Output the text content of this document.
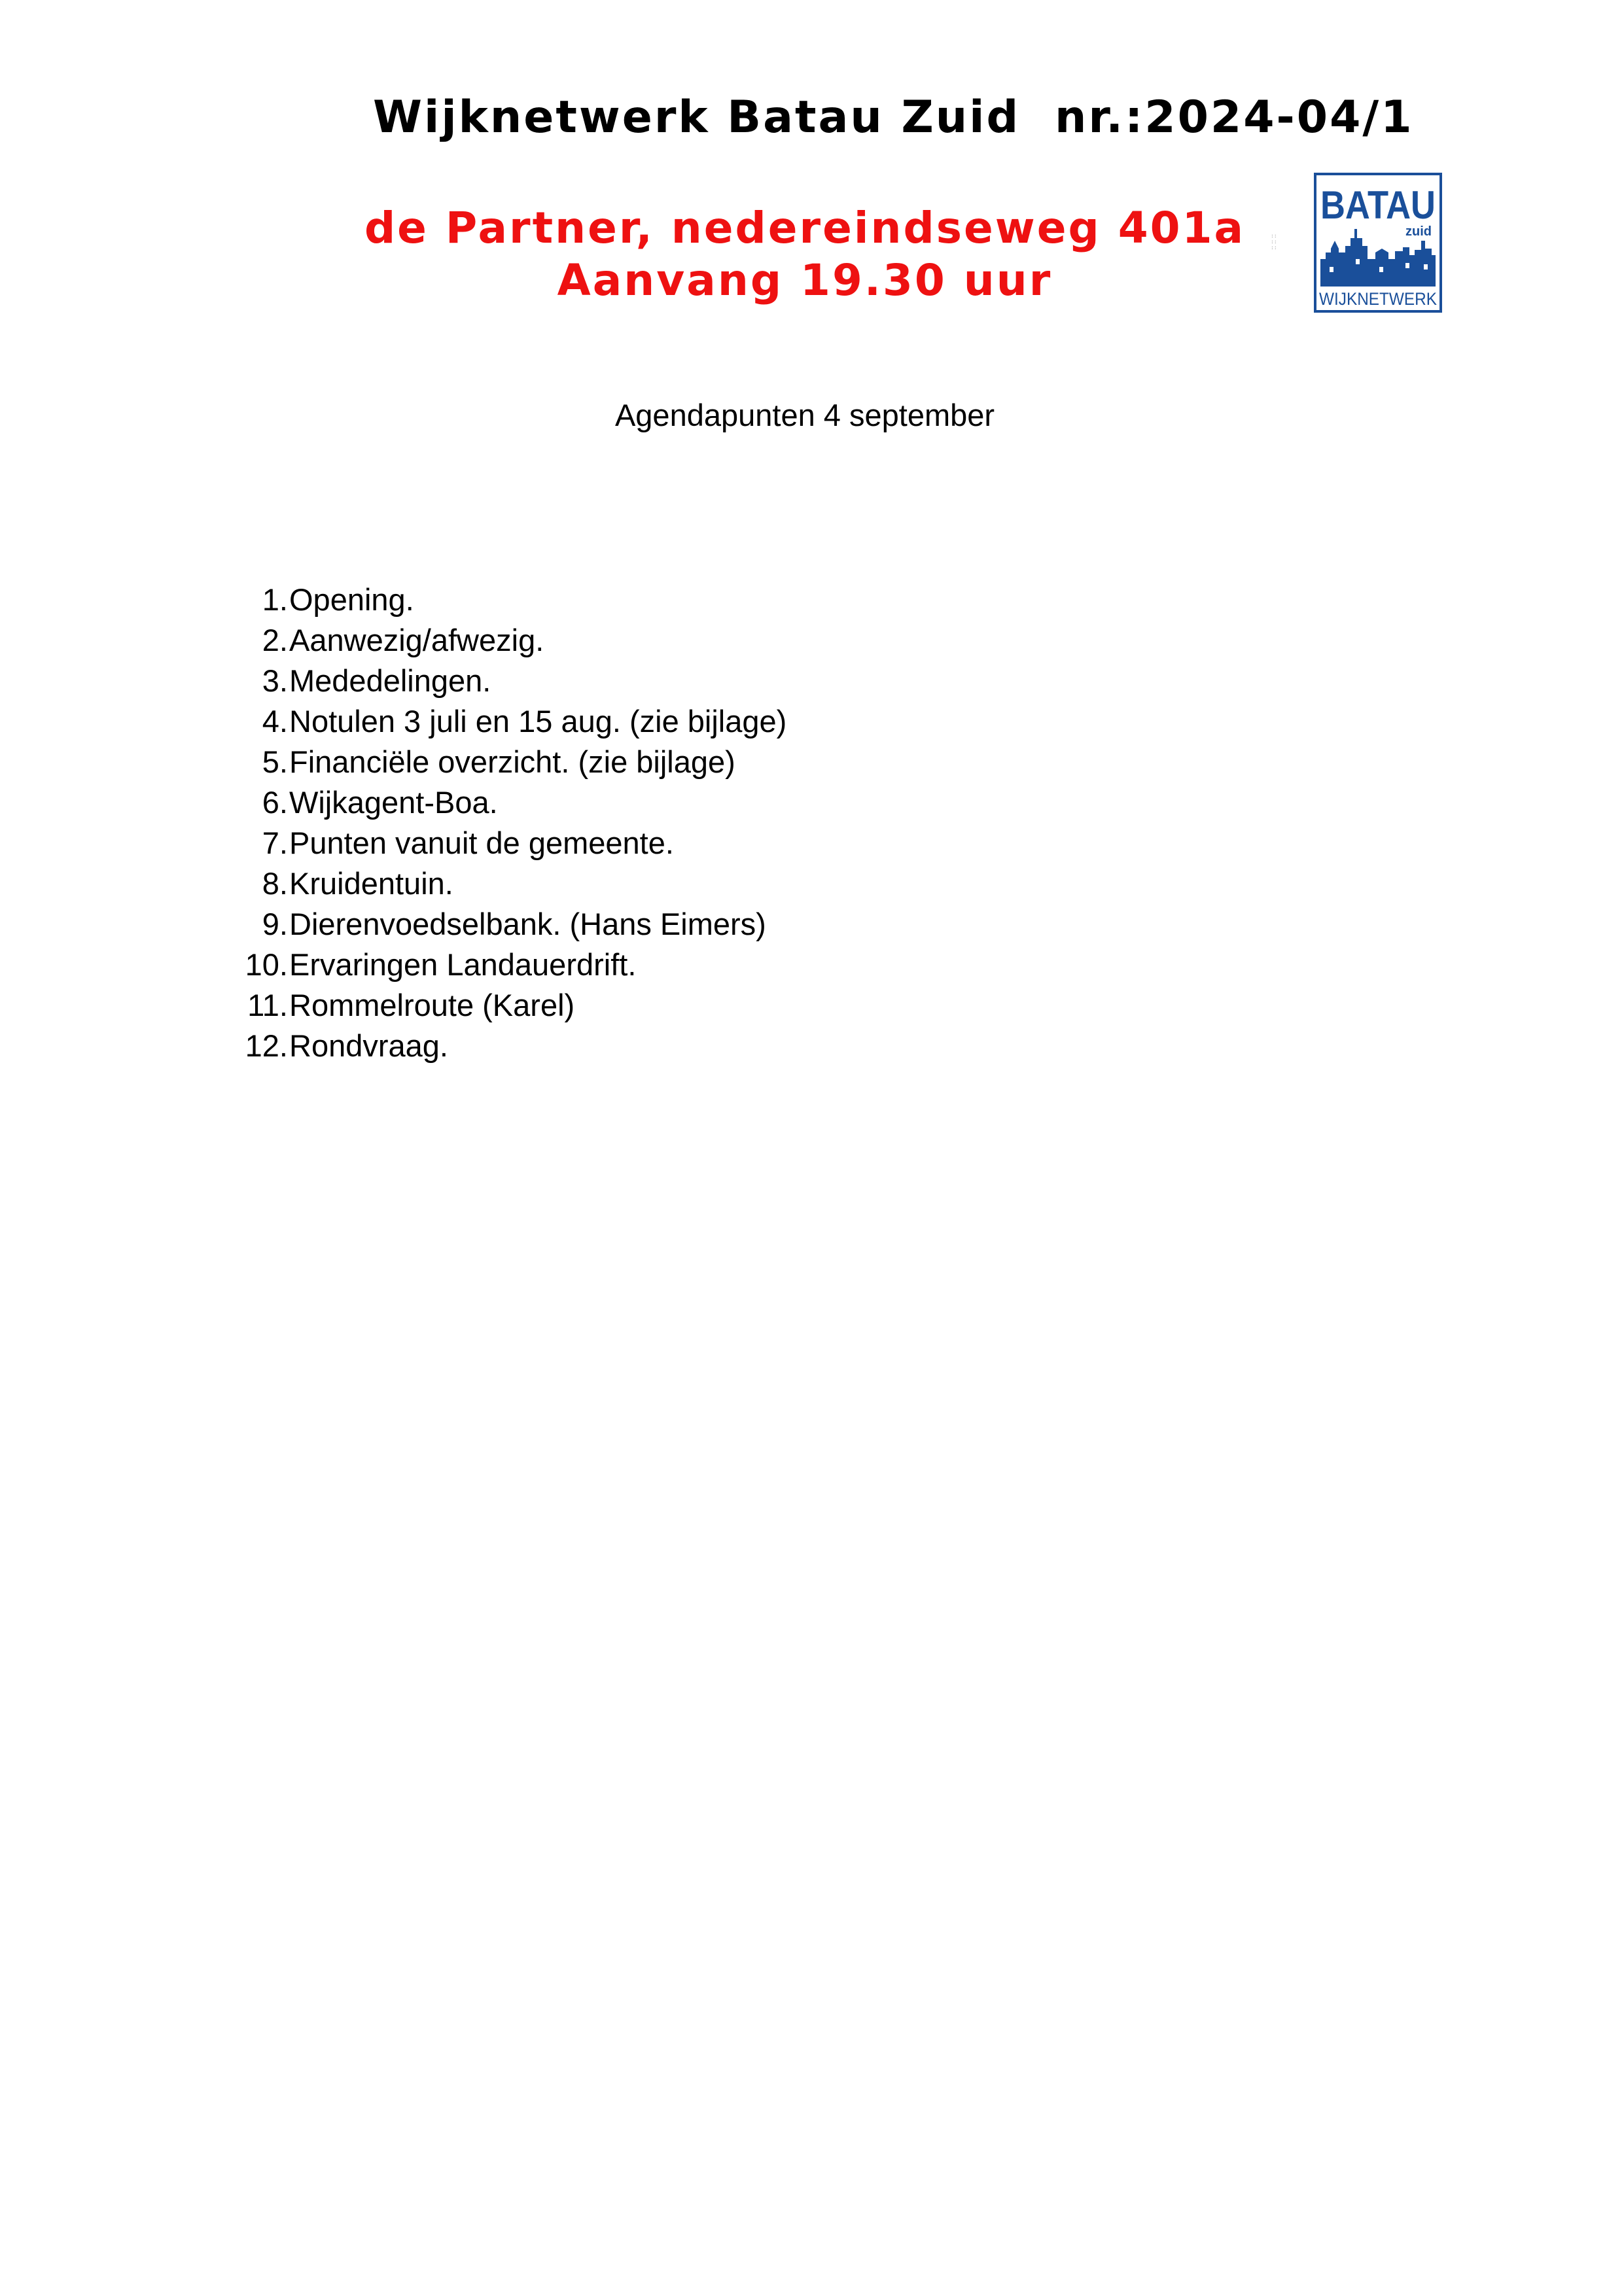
Wijknetwerk Batau Zuid nr.:2024-04/1
de Partner, nedereindseweg 401a
Aanvang 19.30 uur
::
::
::
BATAU
zuid
WIJKNETWERK
Agendapunten 4 september
1. Opening.
2. Aanwezig/afwezig.
3. Mededelingen.
4. Notulen 3 juli en 15 aug. (zie bijlage)
5. Financiële overzicht. (zie bijlage)
6. Wijkagent-Boa.
7. Punten vanuit de gemeente.
8. Kruidentuin.
9. Dierenvoedselbank. (Hans Eimers)
10. Ervaringen Landauerdrift.
11. Rommelroute (Karel)
12. Rondvraag.
